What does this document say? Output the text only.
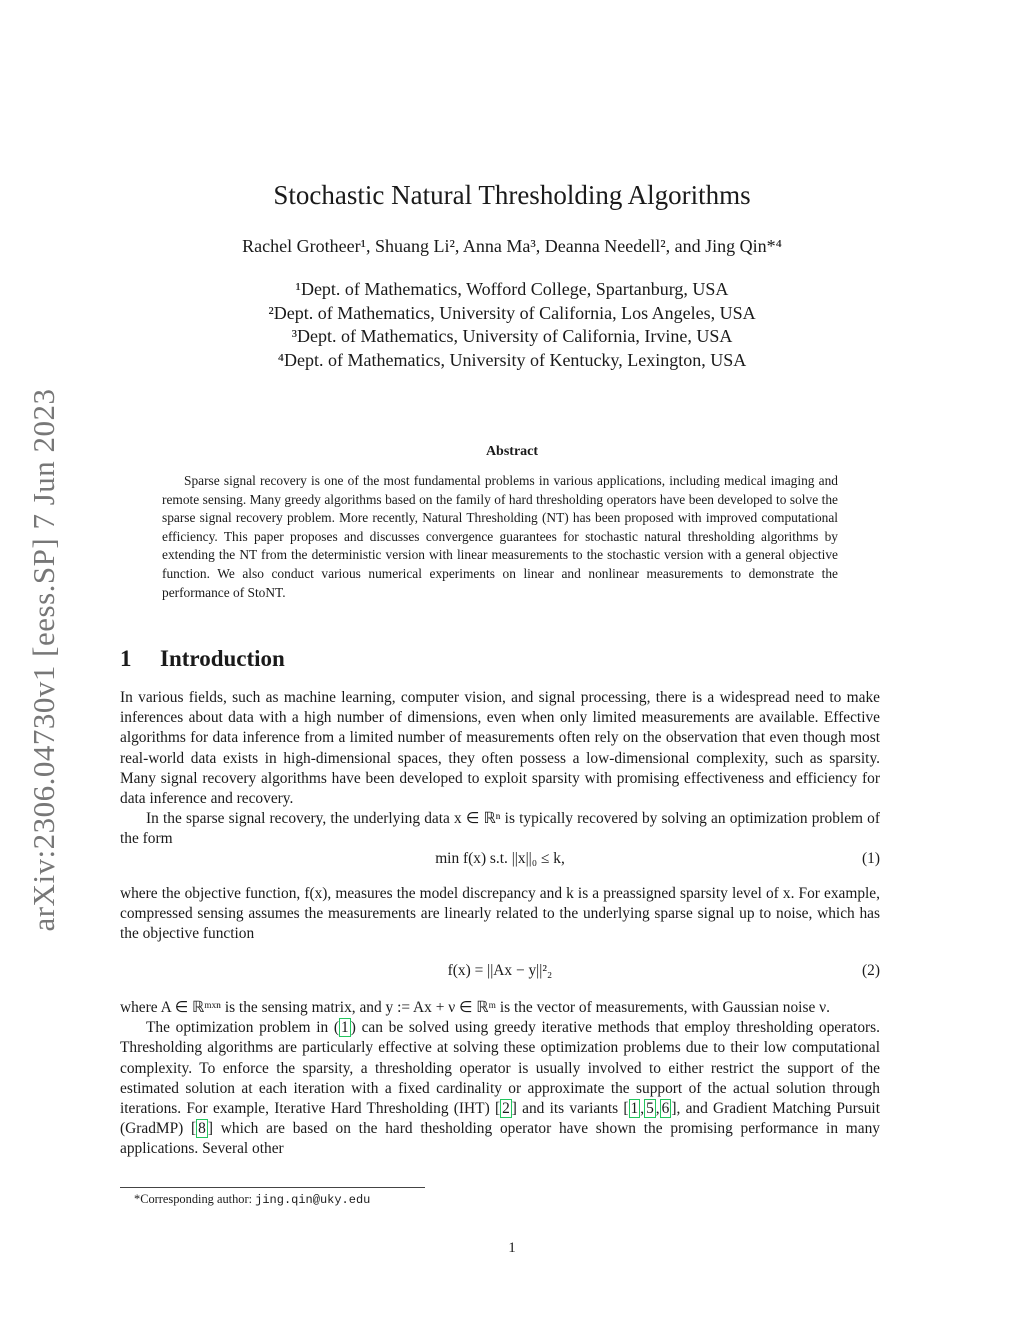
arXiv:2306.04730v1 [eess.SP] 7 Jun 2023
Stochastic Natural Thresholding Algorithms
Rachel Grotheer¹, Shuang Li², Anna Ma³, Deanna Needell², and Jing Qin*⁴
¹Dept. of Mathematics, Wofford College, Spartanburg, USA
²Dept. of Mathematics, University of California, Los Angeles, USA
³Dept. of Mathematics, University of California, Irvine, USA
⁴Dept. of Mathematics, University of Kentucky, Lexington, USA
Abstract
Sparse signal recovery is one of the most fundamental problems in various applications, including medical imaging and remote sensing. Many greedy algorithms based on the family of hard thresholding operators have been developed to solve the sparse signal recovery problem. More recently, Natural Thresholding (NT) has been proposed with improved computational efficiency. This paper proposes and discusses convergence guarantees for stochastic natural thresholding algorithms by extending the NT from the deterministic version with linear measurements to the stochastic version with a general objective function. We also conduct various numerical experiments on linear and nonlinear measurements to demonstrate the performance of StoNT.
1 Introduction
In various fields, such as machine learning, computer vision, and signal processing, there is a widespread need to make inferences about data with a high number of dimensions, even when only limited measurements are available. Effective algorithms for data inference from a limited number of measurements often rely on the observation that even though most real-world data exists in high-dimensional spaces, they often possess a low-dimensional complexity, such as sparsity. Many signal recovery algorithms have been developed to exploit sparsity with promising effectiveness and efficiency for data inference and recovery.
In the sparse signal recovery, the underlying data x ∈ ℝⁿ is typically recovered by solving an optimization problem of the form
min f(x) s.t. ||x||₀ ≤ k,	(1)
where the objective function, f(x), measures the model discrepancy and k is a preassigned sparsity level of x. For example, compressed sensing assumes the measurements are linearly related to the underlying sparse signal up to noise, which has the objective function
f(x) = ||Ax − y||²₂	(2)
where A ∈ ℝᵐˣⁿ is the sensing matrix, and y := Ax + ν ∈ ℝᵐ is the vector of measurements, with Gaussian noise ν.
The optimization problem in ( 1 ) can be solved using greedy iterative methods that employ thresholding operators. Thresholding algorithms are particularly effective at solving these optimization problems due to their low computational complexity. To enforce the sparsity, a thresholding operator is usually involved to either restrict the support of the estimated solution at each iteration with a fixed cardinality or approximate the support of the actual solution through iterations. For example, Iterative Hard Thresholding (IHT) [ 2 ] and its variants [ 1 , 5 , 6 ], and Gradient Matching Pursuit (GradMP) [ 8 ] which are based on the hard thesholding operator have shown the promising performance in many applications. Several other
*Corresponding author: jing.qin@uky.edu
1
